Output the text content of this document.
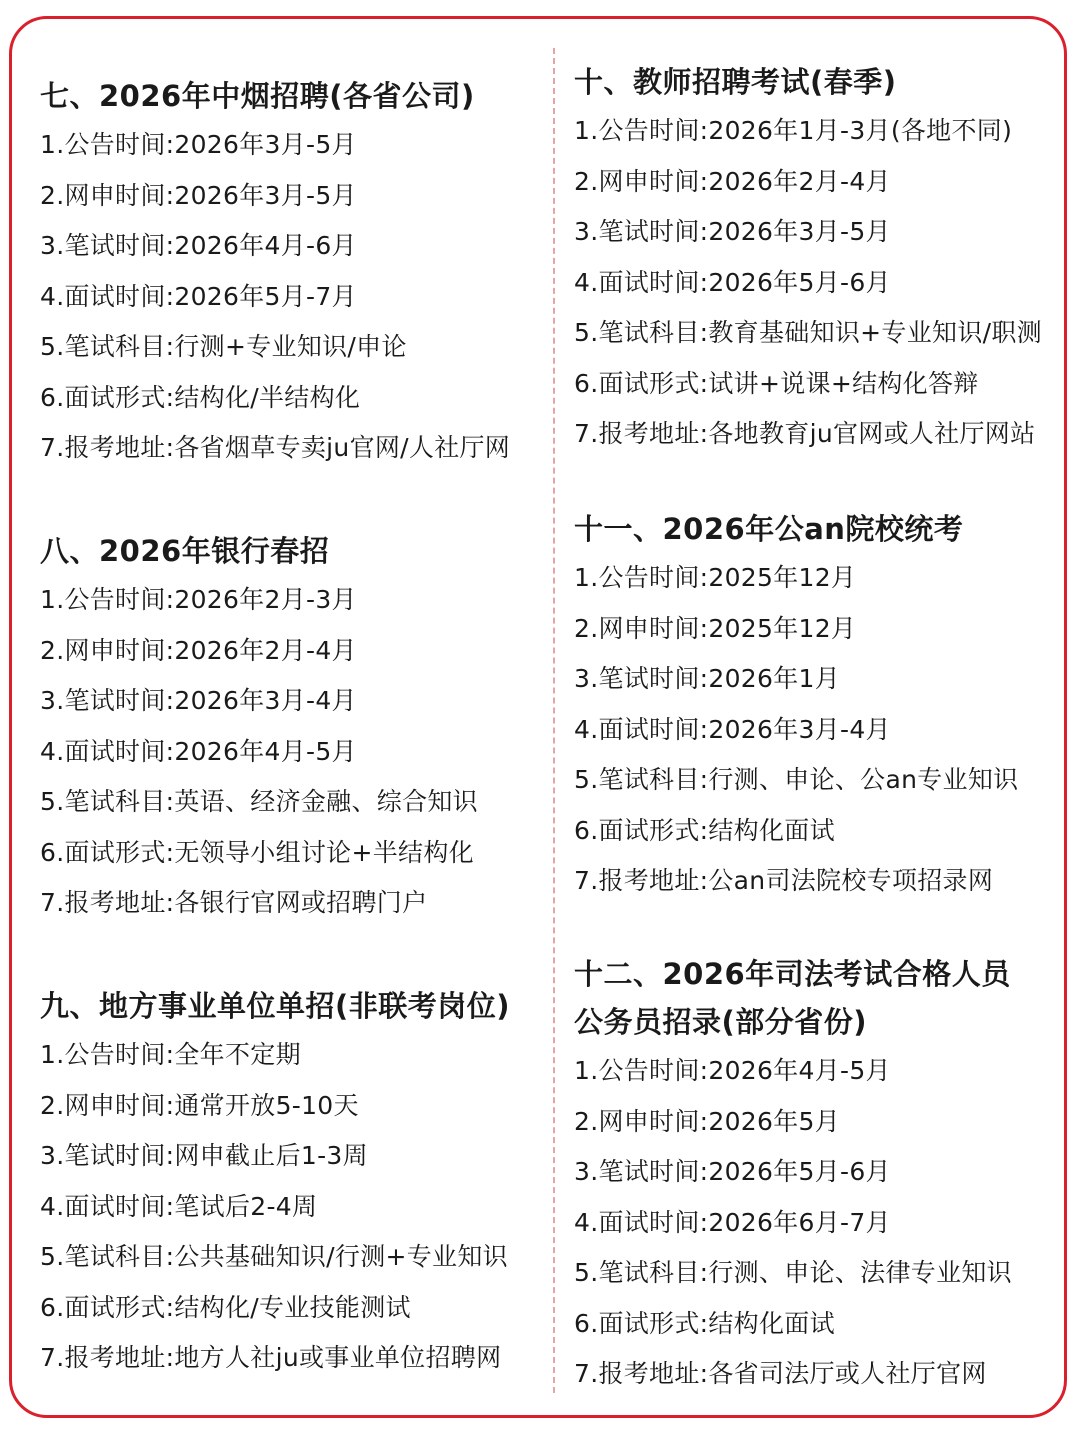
七、2026年中烟招聘(各省公司)
1.公告时间:2026年3月-5月
2.网申时间:2026年3月-5月
3.笔试时间:2026年4月-6月
4.面试时间:2026年5月-7月
5.笔试科目:行测+专业知识/申论
6.面试形式:结构化/半结构化
7.报考地址:各省烟草专卖ju官网/人社厅网
八、2026年银行春招
1.公告时间:2026年2月-3月
2.网申时间:2026年2月-4月
3.笔试时间:2026年3月-4月
4.面试时间:2026年4月-5月
5.笔试科目:英语、经济金融、综合知识
6.面试形式:无领导小组讨论+半结构化
7.报考地址:各银行官网或招聘门户
九、地方事业单位单招(非联考岗位)
1.公告时间:全年不定期
2.网申时间:通常开放5-10天
3.笔试时间:网申截止后1-3周
4.面试时间:笔试后2-4周
5.笔试科目:公共基础知识/行测+专业知识
6.面试形式:结构化/专业技能测试
7.报考地址:地方人社ju或事业单位招聘网
十、教师招聘考试(春季)
1.公告时间:2026年1月-3月(各地不同)
2.网申时间:2026年2月-4月
3.笔试时间:2026年3月-5月
4.面试时间:2026年5月-6月
5.笔试科目:教育基础知识+专业知识/职测
6.面试形式:试讲+说课+结构化答辩
7.报考地址:各地教育ju官网或人社厅网站
十一、2026年公an院校统考
1.公告时间:2025年12月
2.网申时间:2025年12月
3.笔试时间:2026年1月
4.面试时间:2026年3月-4月
5.笔试科目:行测、申论、公an专业知识
6.面试形式:结构化面试
7.报考地址:公an司法院校专项招录网
十二、2026年司法考试合格人员
公务员招录(部分省份)
1.公告时间:2026年4月-5月
2.网申时间:2026年5月
3.笔试时间:2026年5月-6月
4.面试时间:2026年6月-7月
5.笔试科目:行测、申论、法律专业知识
6.面试形式:结构化面试
7.报考地址:各省司法厅或人社厅官网
